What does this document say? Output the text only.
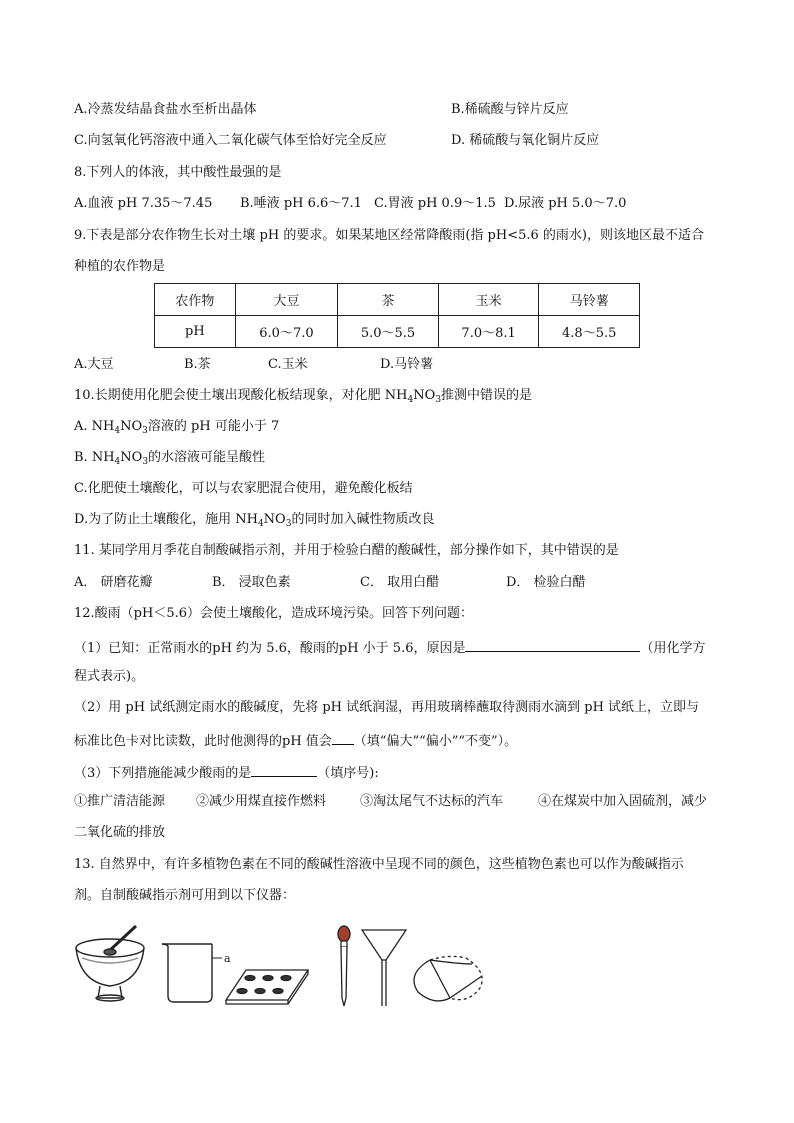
A.冷蒸发结晶食盐水至析出晶体	B.稀硫酸与锌片反应
C.向氢氧化钙溶液中通入二氧化碳气体至恰好完全反应	D. 稀硫酸与氧化铜片反应
8.下列人的体液，其中酸性最强的是
A.血液 pH 7.35～7.45 B.唾液 pH 6.6～7.1 C.胃液 pH 0.9～1.5 D.尿液 pH 5.0～7.0
9.下表是部分农作物生长对土壤 pH 的要求。如果某地区经常降酸雨(指 pH<5.6 的雨水)，则该地区最不适合
种植的农作物是
农作物	大豆	茶	玉米	马铃薯
pH	6.0～7.0	5.0～5.5	7.0～8.1	4.8～5.5
A.大豆	B.茶	C.玉米	D.马铃薯
10.长期使用化肥会使土壤出现酸化板结现象，对化肥 $NH_4NO_3$推测中错误的是
A. $NH_4NO_3$溶液的 pH 可能小于 7
B. $NH_4NO_3$的水溶液可能呈酸性
C.化肥使土壤酸化，可以与农家肥混合使用，避免酸化板结
D.为了防止土壤酸化，施用 $NH_4NO_3$的同时加入碱性物质改良
11. 某同学用月季花自制酸碱指示剂，并用于检验白醋的酸碱性，部分操作如下，其中错误的是
A． 研磨花瓣	B． 浸取色素	C． 取用白醋	D． 检验白醋
12.酸雨（pH＜5.6）会使土壤酸化，造成环境污染。回答下列问题：
（1）已知：正常雨水的pH 约为 5.6，酸雨的pH 小于 5.6，原因是	（用化学方
程式表示)。
（2）用 pH 试纸测定雨水的酸碱度，先将 pH 试纸润湿，再用玻璃棒蘸取待测雨水滴到 pH 试纸上，立即与
标准比色卡对比读数，此时他测得的pH 值会 （填“偏大”“偏小”“不变”）。
（3）下列措施能减少酸雨的是	（填序号):
①推广清洁能源 ②减少用煤直接作燃料	③淘汰尾气不达标的汽车	④在煤炭中加入固硫剂，减少
二氧化硫的排放
13. 自然界中，有许多植物色素在不同的酸碱性溶液中呈现不同的颜色，这些植物色素也可以作为酸碱指示
剂。自制酸碱指示剂可用到以下仪器：
a
